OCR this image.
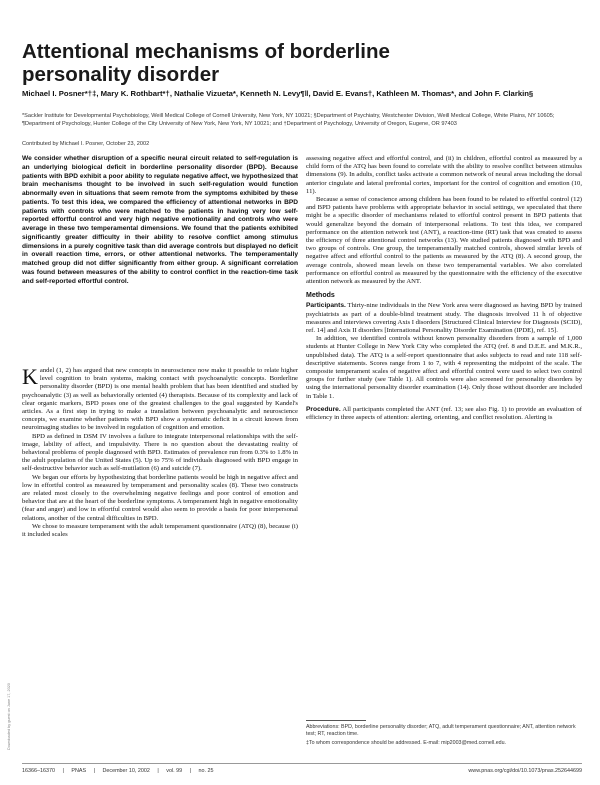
Attentional mechanisms of borderline personality disorder
Michael I. Posner*†‡, Mary K. Rothbart*†, Nathalie Vizueta*, Kenneth N. Levy¶‖, David E. Evans†, Kathleen M. Thomas*, and John F. Clarkin§
*Sackler Institute for Developmental Psychobiology, Weill Medical College of Cornell University, New York, NY 10021; §Department of Psychiatry, Westchester Division, Weill Medical College, White Plains, NY 10605; ¶Department of Psychology, Hunter College of the City University of New York, New York, NY 10021; and †Department of Psychology, University of Oregon, Eugene, OR 97403
Contributed by Michael I. Posner, October 23, 2002
We consider whether disruption of a specific neural circuit related to self-regulation is an underlying biological deficit in borderline personality disorder (BPD). Because patients with BPD exhibit a poor ability to regulate negative affect, we hypothesized that brain mechanisms thought to be involved in such self-regulation would function abnormally even in situations that seem remote from the symptoms exhibited by these patients. To test this idea, we compared the efficiency of attentional networks in BPD patients with controls who were matched to the patients in having very low self-reported effortful control and very high negative emotionality and controls who were average in these two temperamental dimensions. We found that the patients exhibited significantly greater difficulty in their ability to resolve conflict among stimulus dimensions in a purely cognitive task than did average controls but displayed no deficit in overall reaction time, errors, or other attentional networks. The temperamentally matched group did not differ significantly from either group. A significant correlation was found between measures of the ability to control conflict in the reaction-time task and self-reported effortful control.

Kandel (1, 2) has argued that new concepts in neuroscience now make it possible to relate higher level cognition to brain systems, making contact with psychoanalytic concepts. Borderline personality disorder (BPD) is one mental health problem that has been identified and studied by psychoanalytic (3) as well as behaviorally oriented (4) therapists. Because of its complexity and lack of clear organic markers, BPD poses one of the greatest challenges to the goal suggested by Kandel's articles. As a first step in trying to make a translation between psychoanalytic and neuroscience concepts, we examine whether patients with BPD show a systematic deficit in a circuit known from neuroimaging studies to be involved in regulation of cognition and emotion.

BPD as defined in DSM IV involves a failure to integrate interpersonal relationships with the self-image, lability of affect, and impulsivity. There is no question about the devastating reality of behavioral problems of people diagnosed with BPD. Estimates of prevalence run from 0.3% to 1.8% in the adult population of the United States (5). Up to 75% of individuals diagnosed with BPD engage in self-destructive behavior such as self-mutilation (6) and suicide (7).

We began our efforts by hypothesizing that borderline patients would be high in negative affect and low in effortful control as measured by temperament and personality scales (8). These two constructs are related most closely to the overwhelming negative feelings and poor control of emotion and behavior that are at the heart of the borderline symptoms. A temperament high in negative emotionality (fear and anger) and low in effortful control would also seem to provide a basis for poor interpersonal relations, another of the central difficulties in BPD.

We chose to measure temperament with the adult temperament questionnaire (ATQ) (8), because (i) it included scales

assessing negative affect and effortful control, and (ii) in children, effortful control as measured by a child form of the ATQ has been found to correlate with the ability to resolve conflict between stimulus dimensions (9). In adults, conflict tasks activate a common network of neural areas including the dorsal anterior cingulate and lateral prefrontal cortex, important for the control of cognition and emotion (10, 11).

Because a sense of conscience among children has been found to be related to effortful control (12) and BPD patients have problems with appropriate behavior in social settings, we speculated that there might be a specific disorder of mechanisms related to effortful control present in BPD patients that would generalize beyond the domain of interpersonal relations. To test this idea, we compared performance on the attention network test (ANT), a reaction-time (RT) task that was created to assess the efficiency of three attentional control networks (13). We studied patients diagnosed with BPD and two groups of controls. One group, the temperamentally matched controls, showed similar levels of negative affect and effortful control to the patients as measured by the ATQ (8). A second group, the average controls, showed mean levels on these two temperamental variables. We also correlated performance on effortful control as measured by the questionnaire with the efficiency of the executive attention network as measured by the ANT.

Methods

Participants. Thirty-nine individuals in the New York area were diagnosed as having BPD by trained psychiatrists as part of a double-blind treatment study. The diagnosis involved 11 h of objective measures and interviews covering Axis I disorders [Structured Clinical Interview for Diagnosis (SCID), ref. 14] and Axis II disorders [International Personality Disorder Examination (IPDE), ref. 15].

In addition, we identified controls without known personality disorders from a sample of 1,000 students at Hunter College in New York City who completed the ATQ (ref. 8 and D.E.E. and M.K.R., unpublished data). The ATQ is a self-report questionnaire that asks subjects to read and rate 118 self-descriptive statements. Scores range from 1 to 7, with 4 representing the midpoint of the scale. The composite temperament scales of negative affect and effortful control were used to select two control groups for further study (see Table 1). All controls were also screened for personality disorders by using the international personality disorder examination (14). Only those without disorder are included in Table 1.

Procedure. All participants completed the ANT (ref. 13; see also Fig. 1) to provide an evaluation of efficiency in three aspects of attention: alerting, orienting, and conflict resolution. Alerting is

Abbreviations: BPD, borderline personality disorder; ATQ, adult temperament questionnaire; ANT, attention network test; RT, reaction time.

‡To whom correspondence should be addressed. E-mail: mip2003@med.cornell.edu.

Downloaded by guest on June 17, 2020
16366–16370 | PNAS | December 10, 2002 | vol. 99 | no. 25	www.pnas.org/cgi/doi/10.1073/pnas.252644699
